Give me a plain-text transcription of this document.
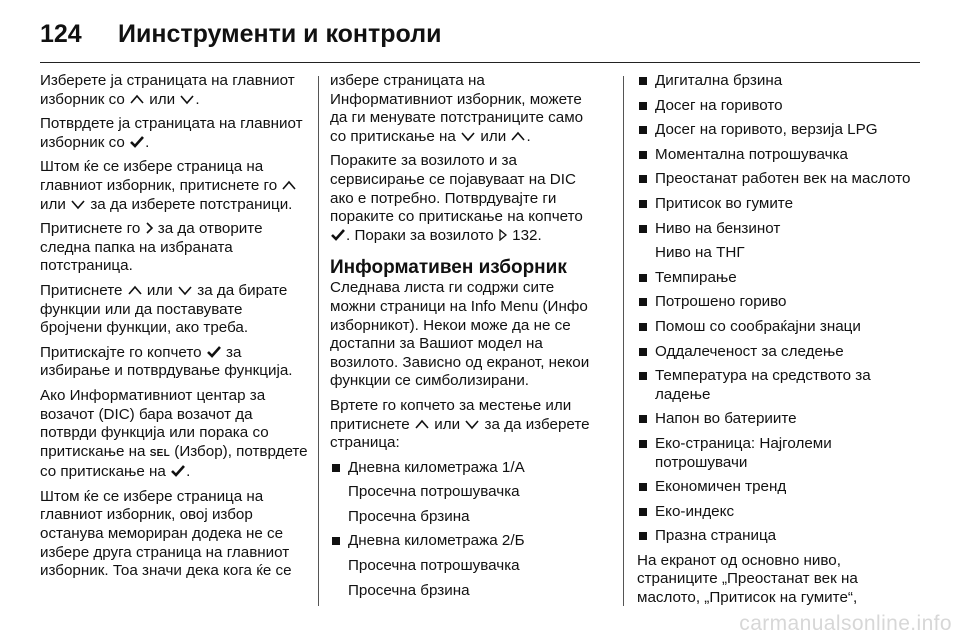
124	Иинструменти и контроли

Изберете ја страницата на главниот изборник со или .

Потврдете ја страницата на главниот изборник со .

Штом ќе се избере страница на главниот изборник, притиснете го
или за да изберете потстраници.

Притиснете го за да отворите следна папка на избраната потстраница.

Притиснете или за да бирате функции или да поставувате бројчени функции, ако треба.

Притискајте го копчето за избирање и потврдување функција.

Ако Информативниот центар за возачот (DIC) бара возачот да потврди функција или порака со притискање на SEL (Избор), потврдете со притискање на .

Штом ќе се избере страница на главниот изборник, овој избор останува меморирaн додека не се избере друга страница на главниот изборник. Тоа значи дека кога ќе се

избере страницата на Информативниот изборник, можете да ги менувате потстраниците само со притискање на или .

Поракитe за возилото и за сервисирање се појавуваат на DIC ако е потребно. Потврдувајте ги пораките со притискање на копчето
. Пораки за возилото 132.

Информативен изборник

Следнава листа ги содржи сите можни страници на Info Menu (Инфо изборникот). Некои може да не се достапни за Вашиот модел на возилото. Зависно од екранот, некои функции се симболизирани.

Вртете го копчето за местење или притиснете или за да изберете страница:

Дневна километража 1/A
Просечна потрошувачка
Просечна брзина
Дневна километража 2/Б
Просечна потрошувачка
Просечна брзина
Дигитална брзина
Досег на горивото
Досег на горивото, верзија LPG
Моментална потрошувачка
Преостанат работен век на маслото
Притисок во гумите
Ниво на бензинот
Ниво на ТНГ
Темпирање
Потрошено гориво
Помош со сообраќајни знаци
Оддалеченост за следење
Температура на средството за ладење
Напон во батериите
Еко-страница: Најголеми потрошувачи
Економичен тренд
Еко-индекс
Празна страница

На екранот од основно ниво, страниците „Преостанат век на маслото, „Притисок на гумите“,

carmanualsonline.info
